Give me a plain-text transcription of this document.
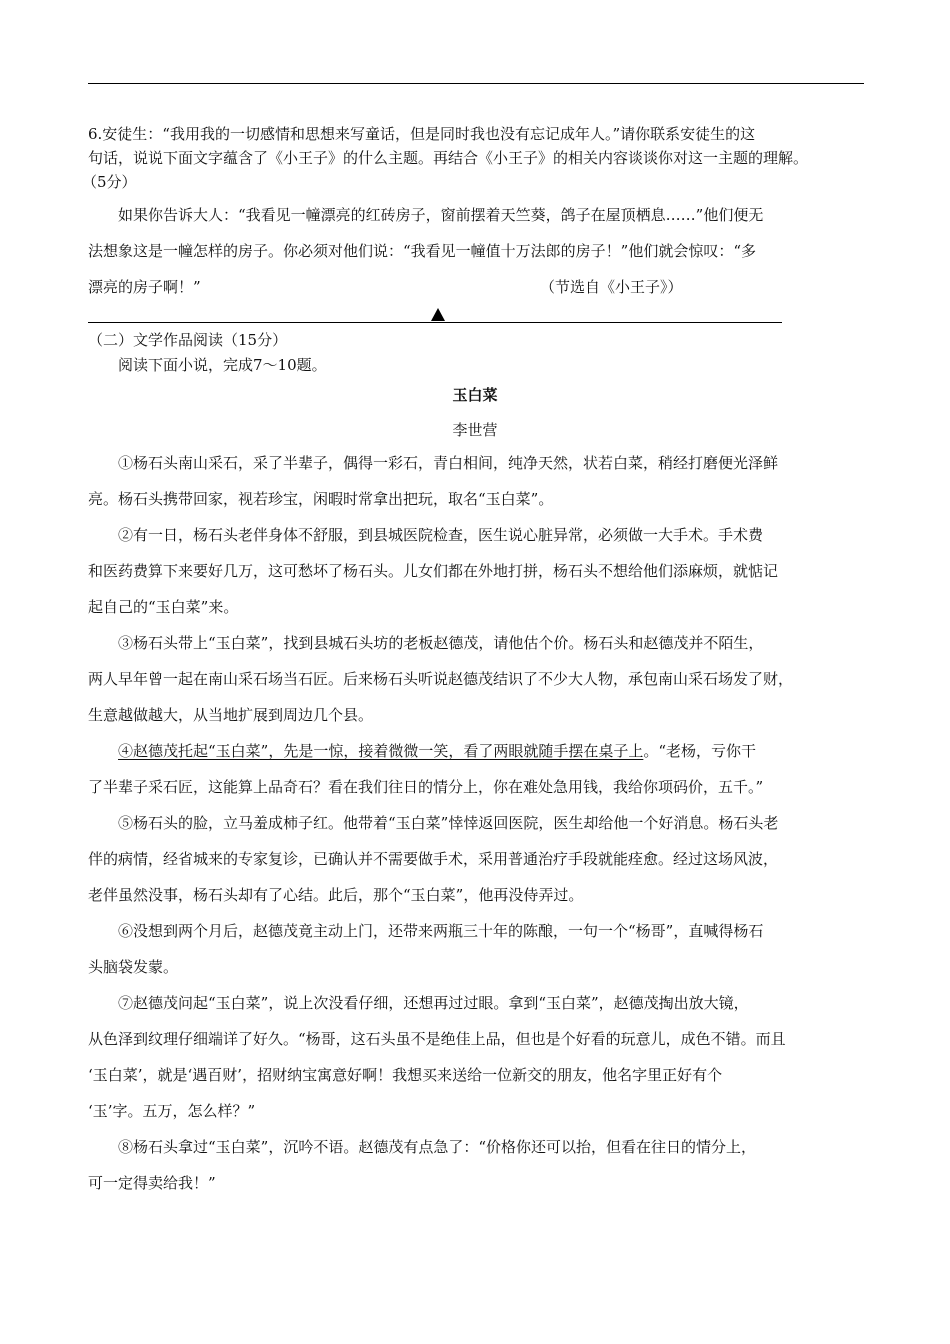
6.安徒生：“我用我的一切感情和思想来写童话，但是同时我也没有忘记成年人。”请你联系安徒生的这
句话，说说下面文字蕴含了《小王子》的什么主题。再结合《小王子》的相关内容谈谈你对这一主题的理解。
（5分）
如果你告诉大人：“我看见一幢漂亮的红砖房子，窗前摆着天竺葵，鸽子在屋顶栖息……”他们便无
法想象这是一幢怎样的房子。你必须对他们说：“我看见一幢值十万法郎的房子！”他们就会惊叹：“多
漂亮的房子啊！”	（节选自《小王子》）
（二）文学作品阅读（15分）
阅读下面小说，完成7～10题。
玉白菜
李世营
①杨石头南山采石，采了半辈子，偶得一彩石，青白相间，纯净天然，状若白菜，稍经打磨便光泽鲜
亮。杨石头携带回家，视若珍宝，闲暇时常拿出把玩，取名“玉白菜”。
②有一日，杨石头老伴身体不舒服，到县城医院检查，医生说心脏异常，必须做一大手术。手术费
和医药费算下来要好几万，这可愁坏了杨石头。儿女们都在外地打拼，杨石头不想给他们添麻烦，就惦记
起自己的“玉白菜”来。
③杨石头带上“玉白菜”，找到县城石头坊的老板赵德茂，请他估个价。杨石头和赵德茂并不陌生，
两人早年曾一起在南山采石场当石匠。后来杨石头听说赵德茂结识了不少大人物，承包南山采石场发了财，
生意越做越大，从当地扩展到周边几个县。
④赵德茂托起“玉白菜”，先是一惊，接着微微一笑，看了两眼就随手摆在桌子上。“老杨，亏你干
了半辈子采石匠，这能算上品奇石？看在我们往日的情分上，你在难处急用钱，我给你项码价，五千。”
⑤杨石头的脸，立马羞成柿子红。他带着“玉白菜”悻悻返回医院，医生却给他一个好消息。杨石头老
伴的病情，经省城来的专家复诊，已确认并不需要做手术，采用普通治疗手段就能痊愈。经过这场风波，
老伴虽然没事，杨石头却有了心结。此后，那个“玉白菜”，他再没侍弄过。
⑥没想到两个月后，赵德茂竟主动上门，还带来两瓶三十年的陈酿，一句一个“杨哥”，直喊得杨石
头脑袋发蒙。
⑦赵德茂问起“玉白菜”，说上次没看仔细，还想再过过眼。拿到“玉白菜”，赵德茂掏出放大镜，
从色泽到纹理仔细端详了好久。“杨哥，这石头虽不是绝佳上品，但也是个好看的玩意儿，成色不错。而且
‘玉白菜’，就是‘遇百财’，招财纳宝寓意好啊！我想买来送给一位新交的朋友，他名字里正好有个
‘玉’字。五万，怎么样？”
⑧杨石头拿过“玉白菜”，沉吟不语。赵德茂有点急了：“价格你还可以抬，但看在往日的情分上，
可一定得卖给我！”
